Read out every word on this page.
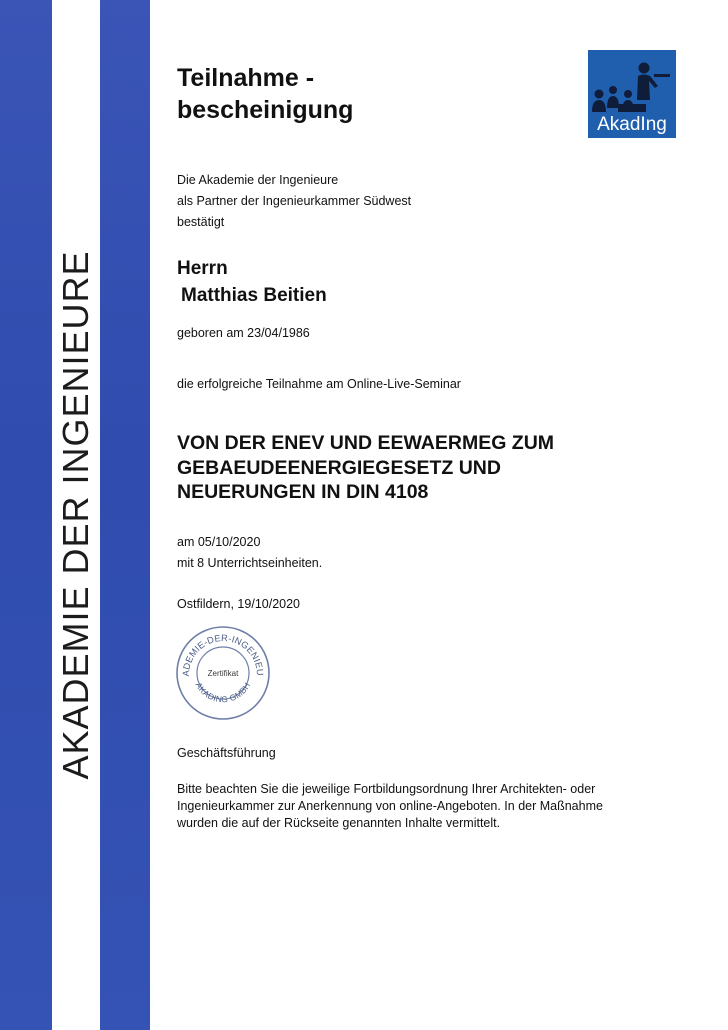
AKADEMIE DER INGENIEURE
AkadIng
Teilnahme -
bescheinigung
Die Akademie der Ingenieure
als Partner der Ingenieurkammer Südwest
bestätigt
Herrn
Matthias Beitien
geboren am 23/04/1986
die erfolgreiche Teilnahme am Online-Live-Seminar
VON DER ENEV UND EEWAERMEG ZUM GEBAEUDEENERGIEGESETZ UND NEUERUNGEN IN DIN 4108
am 05/10/2020
mit 8 Unterrichtseinheiten.
Ostfildern, 19/10/2020
ADEMIE-DER-INGENIEU
Zertifikat
AKADING GMBH
Geschäftsführung
Bitte beachten Sie die jeweilige Fortbildungsordnung Ihrer Architekten- oder Ingenieurkammer zur Anerkennung von online-Angeboten. In der Maßnahme wurden die auf der Rückseite genannten Inhalte vermittelt.
